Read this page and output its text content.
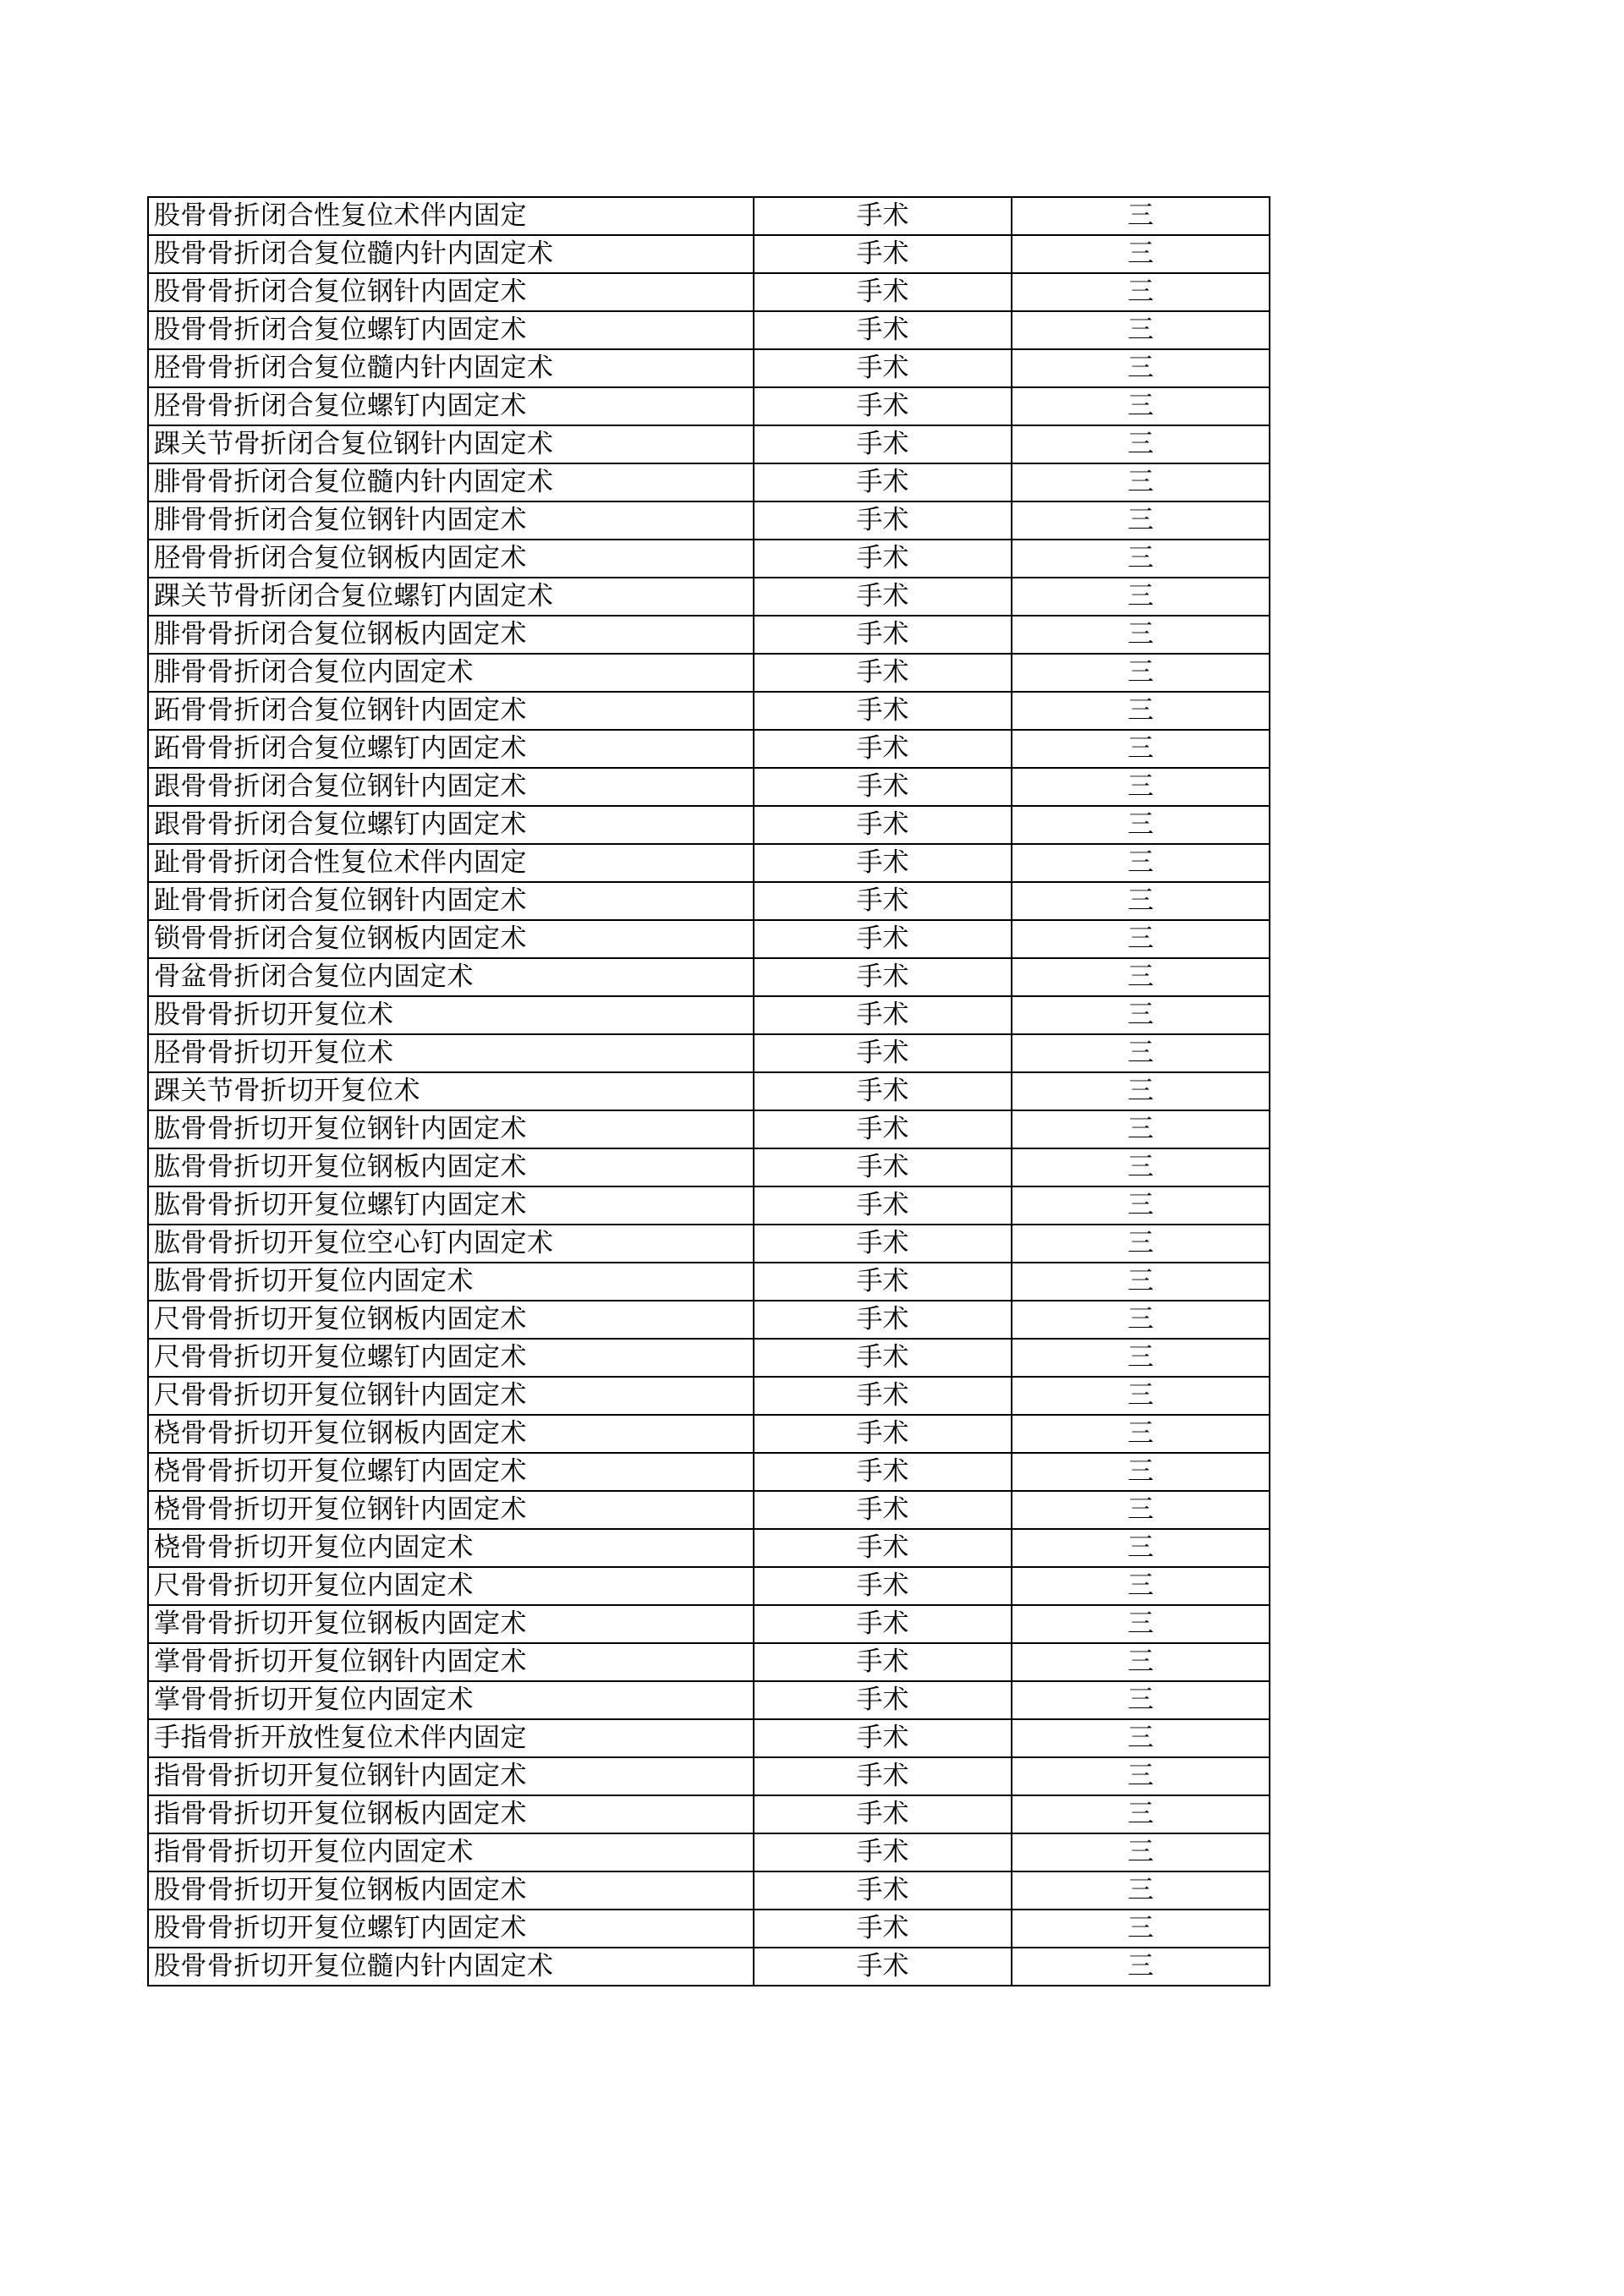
股骨骨折闭合性复位术伴内固定	手术	三
股骨骨折闭合复位髓内针内固定术	手术	三
股骨骨折闭合复位钢针内固定术	手术	三
股骨骨折闭合复位螺钉内固定术	手术	三
胫骨骨折闭合复位髓内针内固定术	手术	三
胫骨骨折闭合复位螺钉内固定术	手术	三
踝关节骨折闭合复位钢针内固定术	手术	三
腓骨骨折闭合复位髓内针内固定术	手术	三
腓骨骨折闭合复位钢针内固定术	手术	三
胫骨骨折闭合复位钢板内固定术	手术	三
踝关节骨折闭合复位螺钉内固定术	手术	三
腓骨骨折闭合复位钢板内固定术	手术	三
腓骨骨折闭合复位内固定术	手术	三
跖骨骨折闭合复位钢针内固定术	手术	三
跖骨骨折闭合复位螺钉内固定术	手术	三
跟骨骨折闭合复位钢针内固定术	手术	三
跟骨骨折闭合复位螺钉内固定术	手术	三
趾骨骨折闭合性复位术伴内固定	手术	三
趾骨骨折闭合复位钢针内固定术	手术	三
锁骨骨折闭合复位钢板内固定术	手术	三
骨盆骨折闭合复位内固定术	手术	三
股骨骨折切开复位术	手术	三
胫骨骨折切开复位术	手术	三
踝关节骨折切开复位术	手术	三
肱骨骨折切开复位钢针内固定术	手术	三
肱骨骨折切开复位钢板内固定术	手术	三
肱骨骨折切开复位螺钉内固定术	手术	三
肱骨骨折切开复位空心钉内固定术	手术	三
肱骨骨折切开复位内固定术	手术	三
尺骨骨折切开复位钢板内固定术	手术	三
尺骨骨折切开复位螺钉内固定术	手术	三
尺骨骨折切开复位钢针内固定术	手术	三
桡骨骨折切开复位钢板内固定术	手术	三
桡骨骨折切开复位螺钉内固定术	手术	三
桡骨骨折切开复位钢针内固定术	手术	三
桡骨骨折切开复位内固定术	手术	三
尺骨骨折切开复位内固定术	手术	三
掌骨骨折切开复位钢板内固定术	手术	三
掌骨骨折切开复位钢针内固定术	手术	三
掌骨骨折切开复位内固定术	手术	三
手指骨折开放性复位术伴内固定	手术	三
指骨骨折切开复位钢针内固定术	手术	三
指骨骨折切开复位钢板内固定术	手术	三
指骨骨折切开复位内固定术	手术	三
股骨骨折切开复位钢板内固定术	手术	三
股骨骨折切开复位螺钉内固定术	手术	三
股骨骨折切开复位髓内针内固定术	手术	三
